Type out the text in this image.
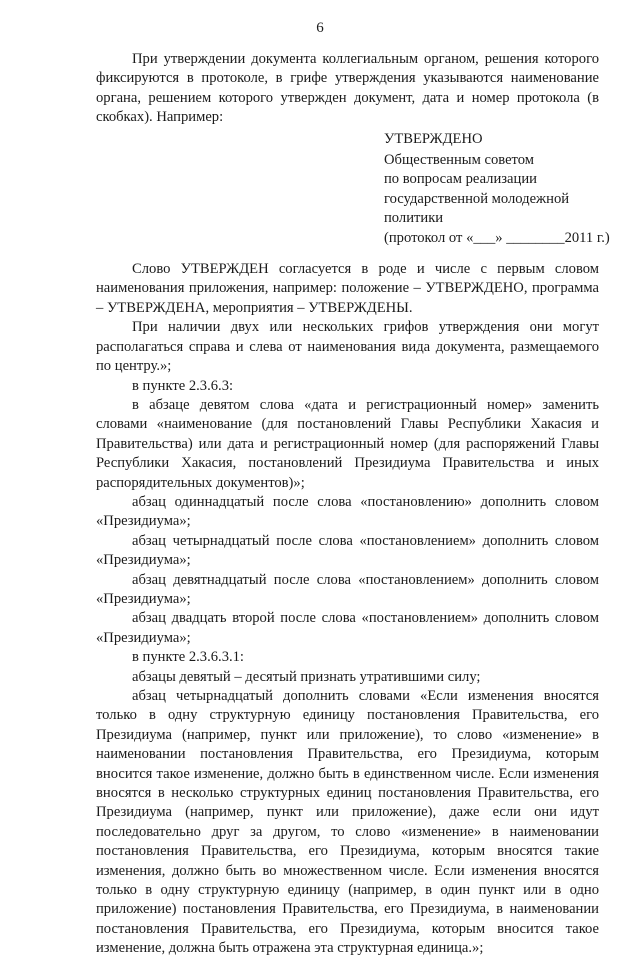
6

При утверждении документа коллегиальным органом, решения которого фиксируются в протоколе, в грифе утверждения указываются наименование органа, решением которого утвержден документ, дата и номер протокола (в скобках). Например:

УТВЕРЖДЕНО
Общественным советом
по вопросам реализации
государственной молодежной
политики
(протокол от «___» ________2011 г.)

Слово УТВЕРЖДЕН согласуется в роде и числе с первым словом наименования приложения, например: положение – УТВЕРЖДЕНО, программа – УТВЕРЖДЕНА, мероприятия – УТВЕРЖДЕНЫ.

При наличии двух или нескольких грифов утверждения они могут располагаться справа и слева от наименования вида документа, размещаемого по центру.»;

в пункте 2.3.6.3:

в абзаце девятом слова «дата и регистрационный номер» заменить словами «наименование (для постановлений Главы Республики Хакасия и Правительства) или дата и регистрационный номер (для распоряжений Главы Республики Хакасия, постановлений Президиума Правительства и иных распорядительных документов)»;

абзац одиннадцатый после слова «постановлению» дополнить словом «Президиума»;

абзац четырнадцатый после слова «постановлением» дополнить словом «Президиума»;

абзац девятнадцатый после слова «постановлением» дополнить словом «Президиума»;

абзац двадцать второй после слова «постановлением» дополнить словом «Президиума»;

в пункте 2.3.6.3.1:

абзацы девятый – десятый признать утратившими силу;

абзац четырнадцатый дополнить словами «Если изменения вносятся только в одну структурную единицу постановления Правительства, его Президиума (например, пункт или приложение), то слово «изменение» в наименовании постановления Правительства, его Президиума, которым вносится такое изменение, должно быть в единственном числе. Если изменения вносятся в несколько структурных единиц постановления Правительства, его Президиума (например, пункт или приложение), даже если они идут последовательно друг за другом, то слово «изменение» в наименовании постановления Правительства, его Президиума, которым вносятся такие изменения, должно быть во множественном числе. Если изменения вносятся только в одну структурную единицу (например, в один пункт или в одно приложение) постановления Правительства, его Президиума, в наименовании постановления Правительства, его Президиума, которым вносится такое изменение, должна быть отражена эта структурная единица.»;
